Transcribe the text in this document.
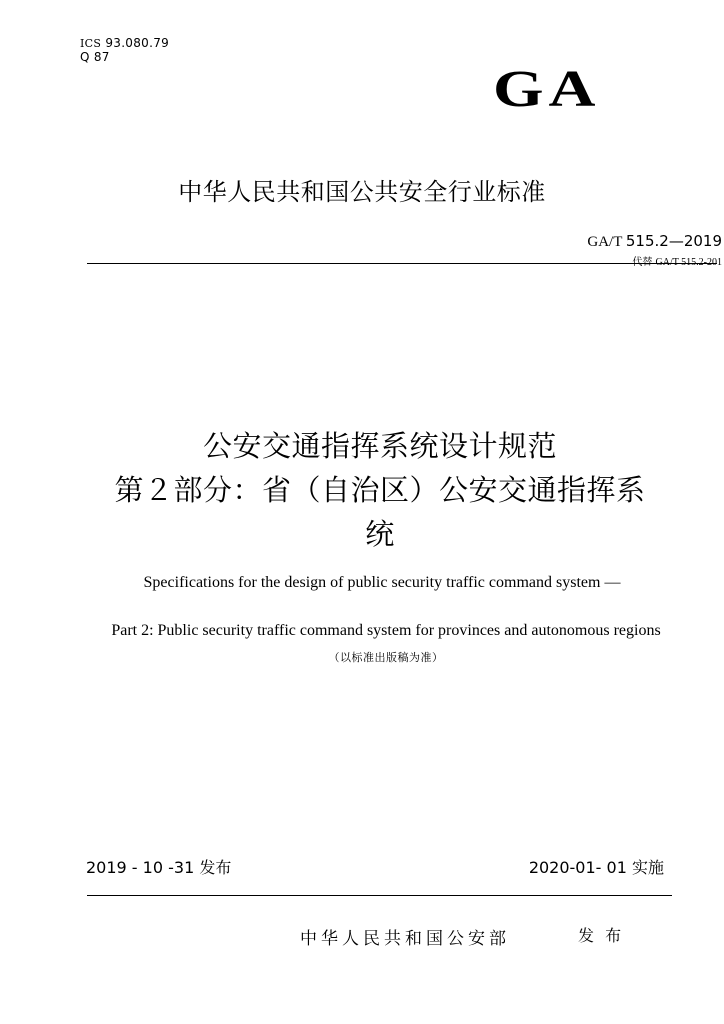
ICS 93.080.79
Q 87
GA
中华人民共和国公共安全行业标准
GA/T 515.2—2019
代替 GA/T 515.2-201
公安交通指挥系统设计规范
第２部分：省（自治区）公安交通指挥系
统
Specifications for the design of public security traffic command system —
Part 2: Public security traffic command system for provinces and autonomous regions
（以标准出版稿为准）
2019 - 10 -31 发布	2020-01- 01 实施
中华人民共和国公安部	发 布
